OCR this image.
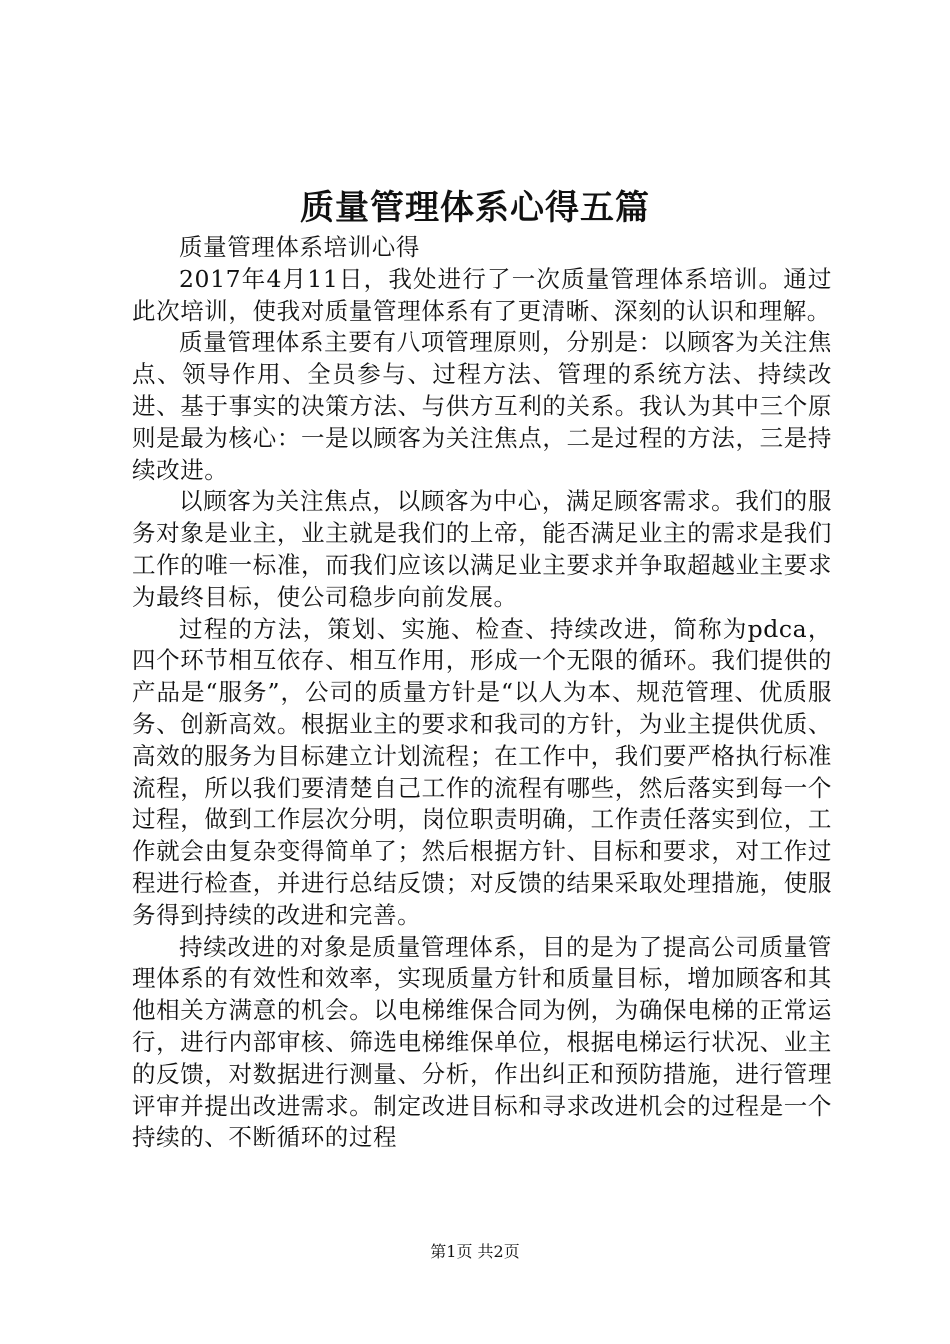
质量管理体系心得五篇

质量管理体系培训心得

2017年4月11日，我处进行了一次质量管理体系培训。通过此次培训，使我对质量管理体系有了更清晰、深刻的认识和理解。

质量管理体系主要有八项管理原则，分别是：以顾客为关注焦点、领导作用、全员参与、过程方法、管理的系统方法、持续改进、基于事实的决策方法、与供方互利的关系。我认为其中三个原则是最为核心：一是以顾客为关注焦点，二是过程的方法，三是持续改进。

以顾客为关注焦点，以顾客为中心，满足顾客需求。我们的服务对象是业主，业主就是我们的上帝，能否满足业主的需求是我们工作的唯一标准，而我们应该以满足业主要求并争取超越业主要求为最终目标，使公司稳步向前发展。

过程的方法，策划、实施、检查、持续改进，简称为pdca，四个环节相互依存、相互作用，形成一个无限的循环。我们提供的产品是“服务”，公司的质量方针是“以人为本、规范管理、优质服务、创新高效。根据业主的要求和我司的方针，为业主提供优质、高效的服务为目标建立计划流程；在工作中，我们要严格执行标准流程，所以我们要清楚自己工作的流程有哪些，然后落实到每一个过程，做到工作层次分明，岗位职责明确，工作责任落实到位，工作就会由复杂变得简单了；然后根据方针、目标和要求，对工作过程进行检查，并进行总结反馈；对反馈的结果采取处理措施，使服务得到持续的改进和完善。

持续改进的对象是质量管理体系，目的是为了提高公司质量管理体系的有效性和效率，实现质量方针和质量目标，增加顾客和其他相关方满意的机会。以电梯维保合同为例，为确保电梯的正常运行，进行内部审核、筛选电梯维保单位，根据电梯运行状况、业主的反馈，对数据进行测量、分析，作出纠正和预防措施，进行管理评审并提出改进需求。制定改进目标和寻求改进机会的过程是一个持续的、不断循环的过程

第1页 共2页
